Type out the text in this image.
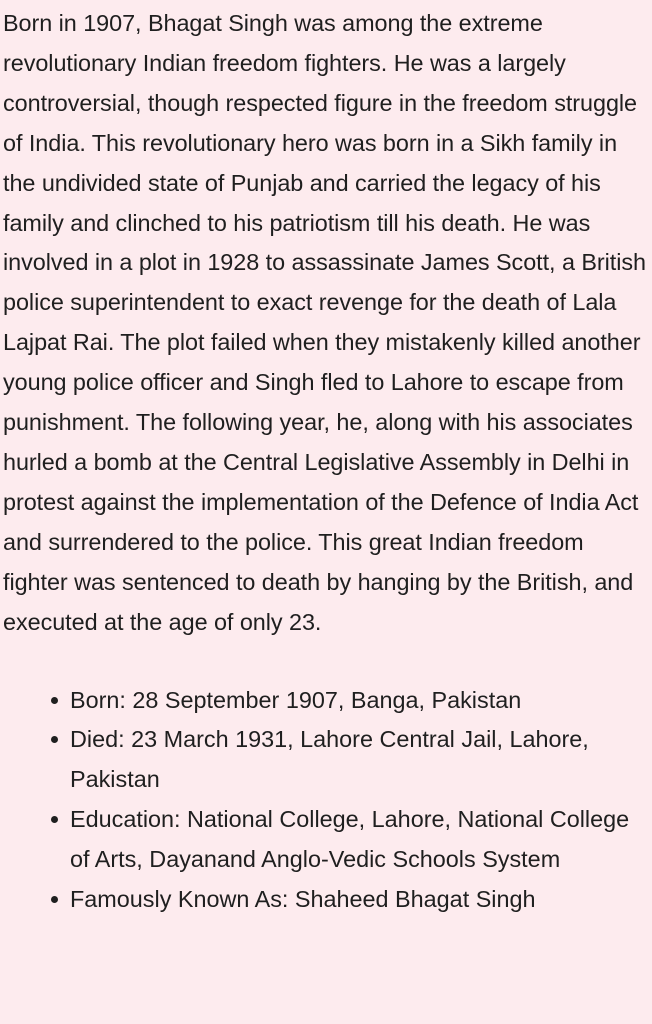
Born in 1907, Bhagat Singh was among the extreme revolutionary Indian freedom fighters. He was a largely controversial, though respected figure in the freedom struggle of India. This revolutionary hero was born in a Sikh family in the undivided state of Punjab and carried the legacy of his family and clinched to his patriotism till his death. He was involved in a plot in 1928 to assassinate James Scott, a British police superintendent to exact revenge for the death of Lala Lajpat Rai. The plot failed when they mistakenly killed another young police officer and Singh fled to Lahore to escape from punishment. The following year, he, along with his associates hurled a bomb at the Central Legislative Assembly in Delhi in protest against the implementation of the Defence of India Act and surrendered to the police. This great Indian freedom fighter was sentenced to death by hanging by the British, and executed at the age of only 23.

Born: 28 September 1907, Banga, Pakistan
Died: 23 March 1931, Lahore Central Jail, Lahore, Pakistan
Education: National College, Lahore, National College of Arts, Dayanand Anglo-Vedic Schools System
Famously Known As: Shaheed Bhagat Singh
